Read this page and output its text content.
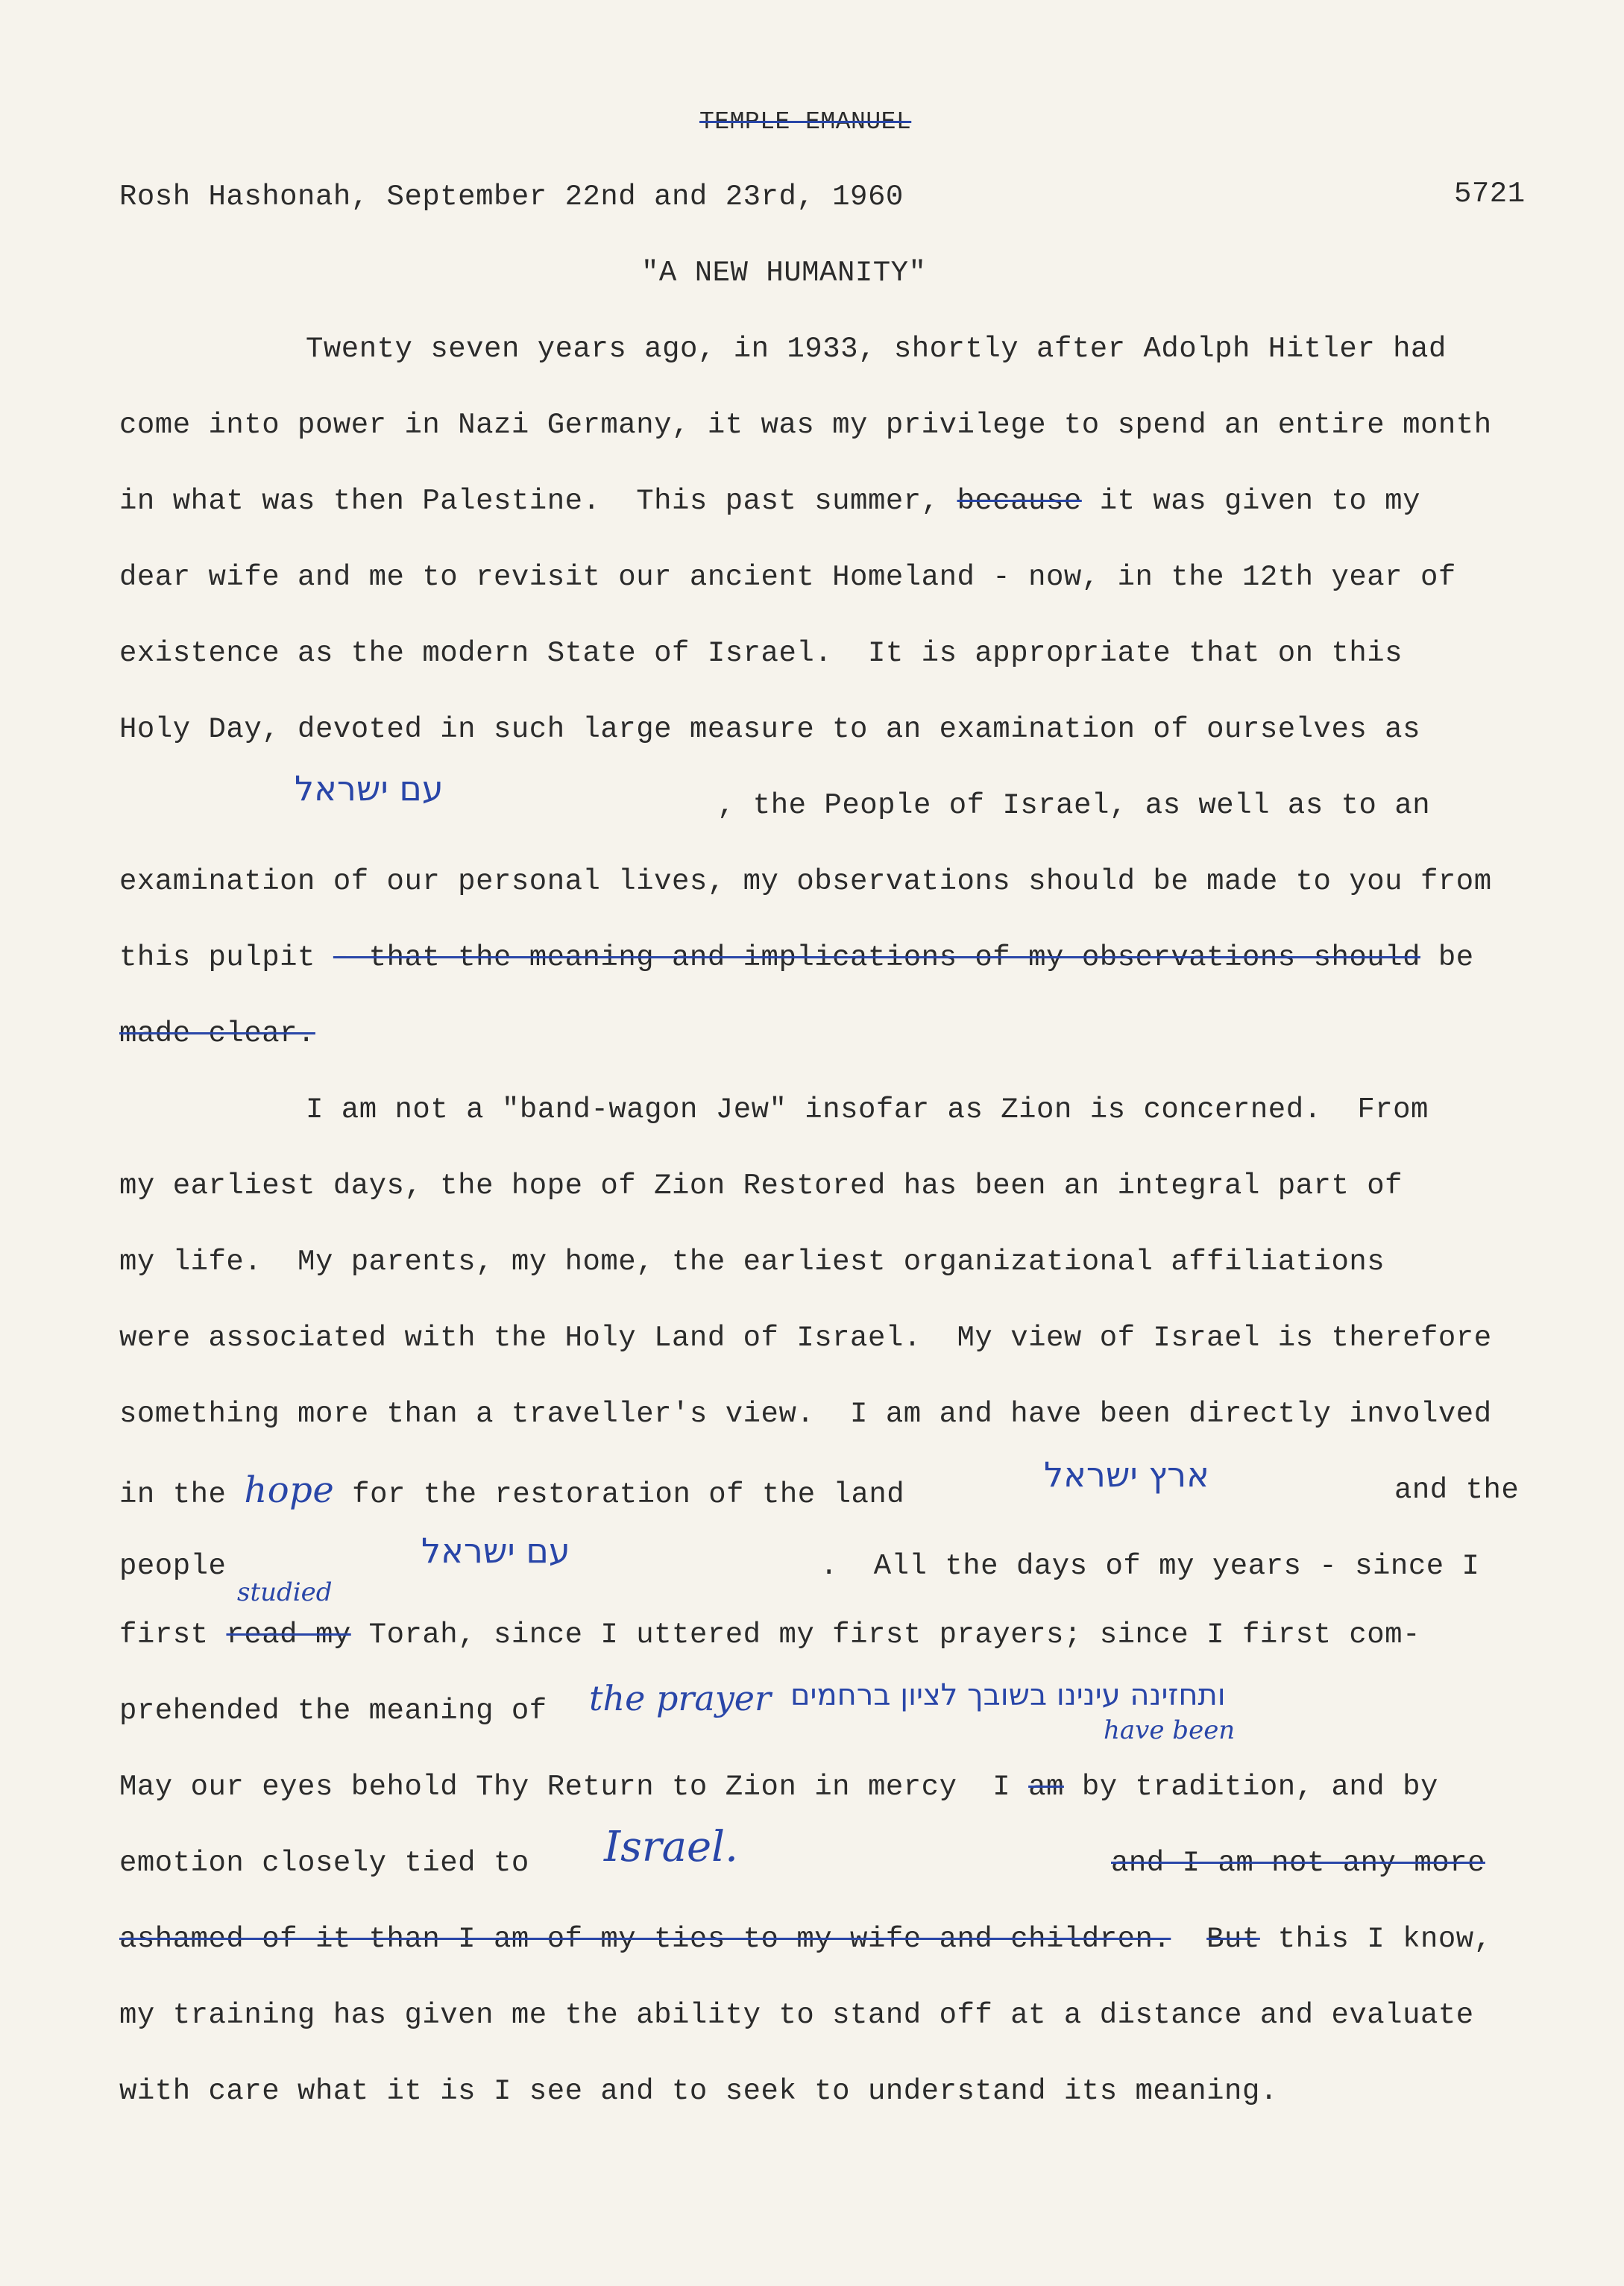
TEMPLE EMANUEL
Rosh Hashonah, September 22nd and 23rd, 1960	5721
"A NEW HUMANITY"
Twenty seven years ago, in 1933, shortly after Adolph Hitler had
come into power in Nazi Germany, it was my privilege to spend an entire month
in what was then Palestine.  This past summer, because it was given to my
dear wife and me to revisit our ancient Homeland - now, in the 12th year of
existence as the modern State of Israel.  It is appropriate that on this
Holy Day, devoted in such large measure to an examination of ourselves as
עם ישראל	, the People of Israel, as well as to an
examination of our personal lives, my observations should be made to you from
this pulpit - that the meaning and implications of my observations should be
made clear.
I am not a "band-wagon Jew" insofar as Zion is concerned.  From
my earliest days, the hope of Zion Restored has been an integral part of
my life.  My parents, my home, the earliest organizational affiliations
were associated with the Holy Land of Israel.  My view of Israel is therefore
something more than a traveller's view.  I am and have been directly involved
in the hope for the restoration of the land	ארץ ישראל	and the
people	עם ישראל	.  All the days of my years - since I
studied
first read my Torah, since I uttered my first prayers; since I first com-
prehended the meaning of the prayer ותחזינה עינינו בשובך לציון ברחמים
have been
May our eyes behold Thy Return to Zion in mercy  I am by tradition, and by
emotion closely tied to Israel.	and I am not any more
ashamed of it than I am of my ties to my wife and children. But this I know,
my training has given me the ability to stand off at a distance and evaluate
with care what it is I see and to seek to understand its meaning.
